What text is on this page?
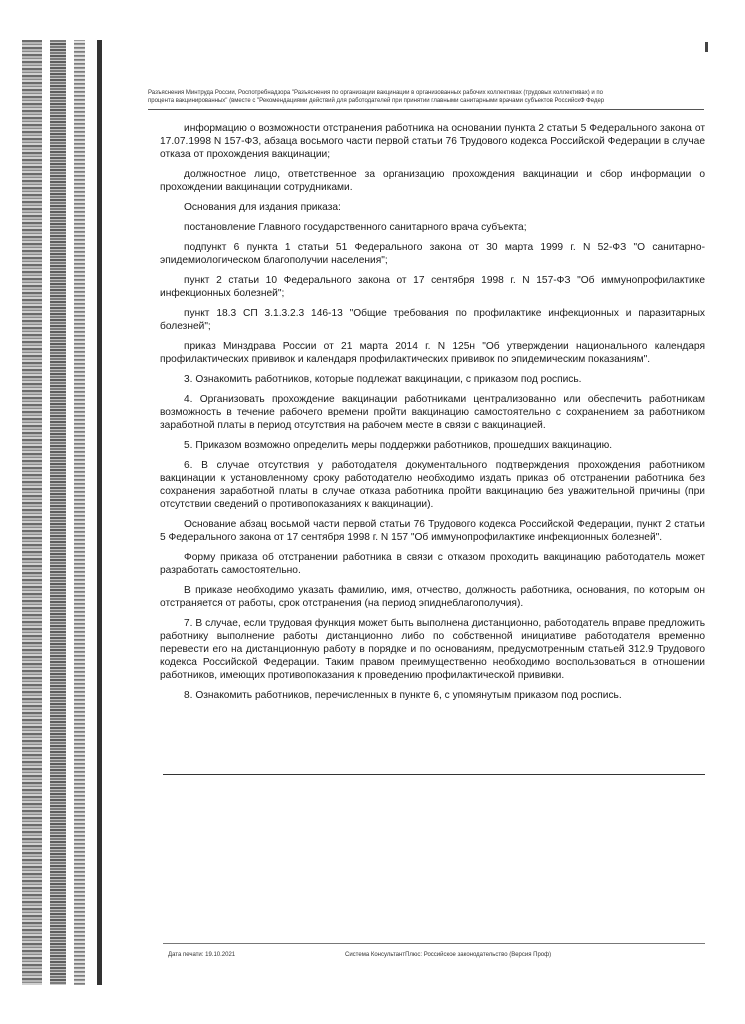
Разъяснения Минтруда России, Роспотребнадзора "Разъяснения по организации вакцинации в организованных рабочих коллективах (трудовых коллективах) и по
процентa вакцинированных" (вместе с "Рекомендациями действий для работодателей при принятии главными санитарными врачами субъектов РоссийскФ Федер

информацию о возможности отстранения работника на основании пункта 2 статьи 5 Федерального закона от 17.07.1998 N 157-ФЗ, абзаца восьмого части первой статьи 76 Трудового кодекса Российской Федерации в случае отказа от прохождения вакцинации;

должностное лицо, ответственное за организацию прохождения вакцинации и сбор информации о прохождении вакцинации сотрудниками.

Основания для издания приказа:

постановление Главного государственного санитарного врача субъекта;

подпункт 6 пункта 1 статьи 51 Федерального закона от 30 марта 1999 г. N 52-ФЗ "О санитарно-эпидемиологическом благополучии населения";

пункт 2 статьи 10 Федерального закона от 17 сентября 1998 г. N 157-ФЗ "Об иммунопрофилактике инфекционных болезней";

пункт 18.3 СП 3.1.3.2.3 146-13 "Общие требования по профилактике инфекционных и паразитарных болезней";

приказ Минздрава России от 21 марта 2014 г. N 125н "Об утверждении национального календаря профилактических прививок и календаря профилактических прививок по эпидемическим показаниям".

3. Ознакомить работников, которые подлежат вакцинации, с приказом под роспись.

4. Организовать прохождение вакцинации работниками централизованно или обеспечить работникам возможность в течение рабочего времени пройти вакцинацию самостоятельно с сохранением за работником заработной платы в период отсутствия на рабочем месте в связи с вакцинацией.

5. Приказом возможно определить меры поддержки работников, прошедших вакцинацию.

6. В случае отсутствия у работодателя документального подтверждения прохождения работником вакцинации к установленному сроку работодателю необходимо издать приказ об отстранении работника без сохранения заработной платы в случае отказа работника пройти вакцинацию без уважительной причины (при отсутствии сведений о противопоказаниях к вакцинации).

Основание абзац восьмой части первой статьи 76 Трудового кодекса Российской Федерации, пункт 2 статьи 5 Федерального закона от 17 сентября 1998 г. N 157 "Об иммунопрофилактике инфекционных болезней".

Форму приказа об отстранении работника в связи с отказом проходить вакцинацию работодатель может разработать самостоятельно.

В приказе необходимо указать фамилию, имя, отчество, должность работника, основания, по которым он отстраняется от работы, срок отстранения (на период эпиднеблагополучия).

7. В случае, если трудовая функция может быть выполнена дистанционно, работодатель вправе предложить работнику выполнение работы дистанционно либо по собственной инициативе работодателя временно перевести его на дистанционную работу в порядке и по основаниям, предусмотренным статьей 312.9 Трудового кодекса Российской Федерации. Таким правом преимущественно необходимо воспользоваться в отношении работников, имеющих противопоказания к проведению профилактической прививки.

8. Ознакомить работников, перечисленных в пункте 6, с упомянутым приказом под роспись.

Дата печати: 19.10.2021	Система КонсультантПлюс: Российское законодательство (Версия Проф)
